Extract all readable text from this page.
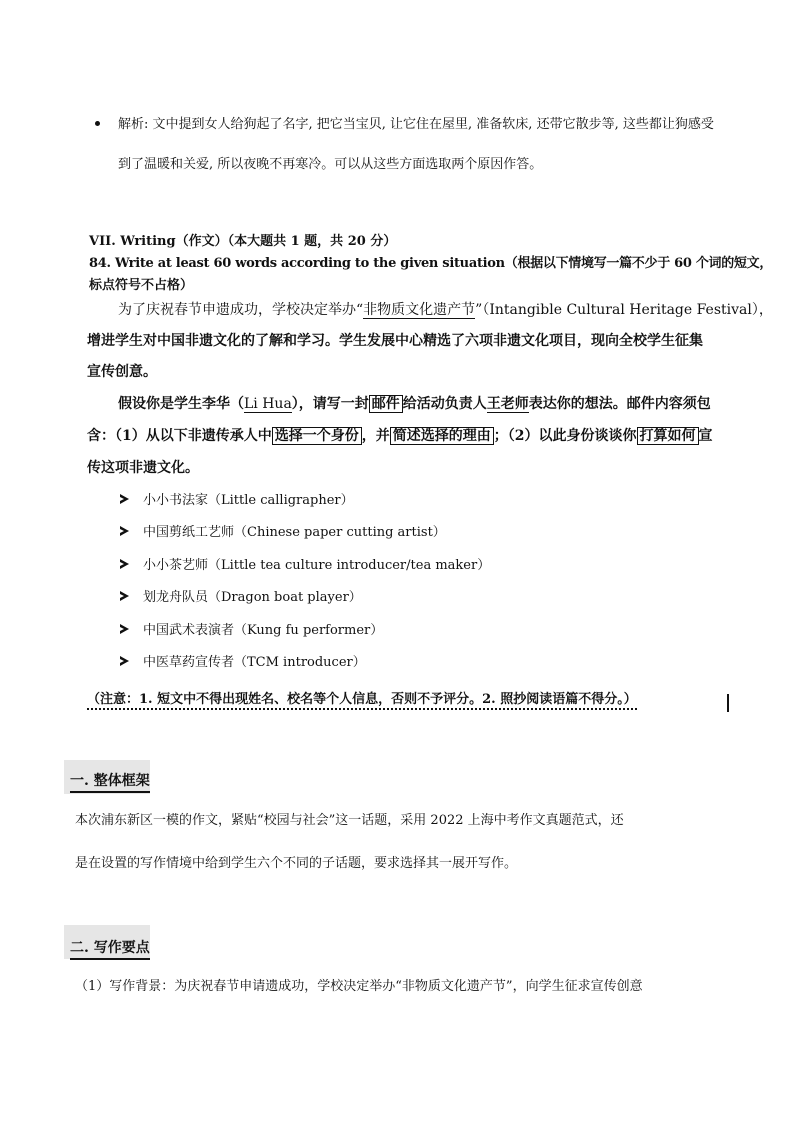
解析: 文中提到女人给狗起了名字, 把它当宝贝, 让它住在屋里, 准备软床, 还带它散步等, 这些都让狗感受
到了温暖和关爱, 所以夜晚不再寒冷。可以从这些方面选取两个原因作答。
VII. Writing（作文）（本大题共 1 题，共 20 分）
84. Write at least 60 words according to the given situation（根据以下情境写一篇不少于 60 个词的短文，
标点符号不占格）
为了庆祝春节申遗成功，学校决定举办“非物质文化遗产节”（Intangible Cultural Heritage Festival），
增进学生对中国非遗文化的了解和学习。学生发展中心精选了六项非遗文化项目，现向全校学生征集
宣传创意。
假设你是学生李华（Li Hua），请写一封 邮件 给活动负责人王老师表达你的想法。邮件内容须包
含：（1）从以下非遗传承人中 选择一个身份 ，并 简述选择的理由 ；（2）以此身份谈谈你 打算如何 宣
传这项非遗文化。
小小书法家（Little calligrapher）
中国剪纸工艺师（Chinese paper cutting artist）
小小茶艺师（Little tea culture introducer/tea maker）
划龙舟队员（Dragon boat player）
中国武术表演者（Kung fu performer）
中医草药宣传者（TCM introducer）
（注意：1. 短文中不得出现姓名、校名等个人信息，否则不予评分。2. 照抄阅读语篇不得分。）
一. 整体框架
本次浦东新区一模的作文，紧贴“校园与社会”这一话题，采用 2022 上海中考作文真题范式，还
是在设置的写作情境中给到学生六个不同的子话题，要求选择其一展开写作。
二. 写作要点
（1）写作背景：为庆祝春节申请遗成功，学校决定举办“非物质文化遗产节”，向学生征求宣传创意
